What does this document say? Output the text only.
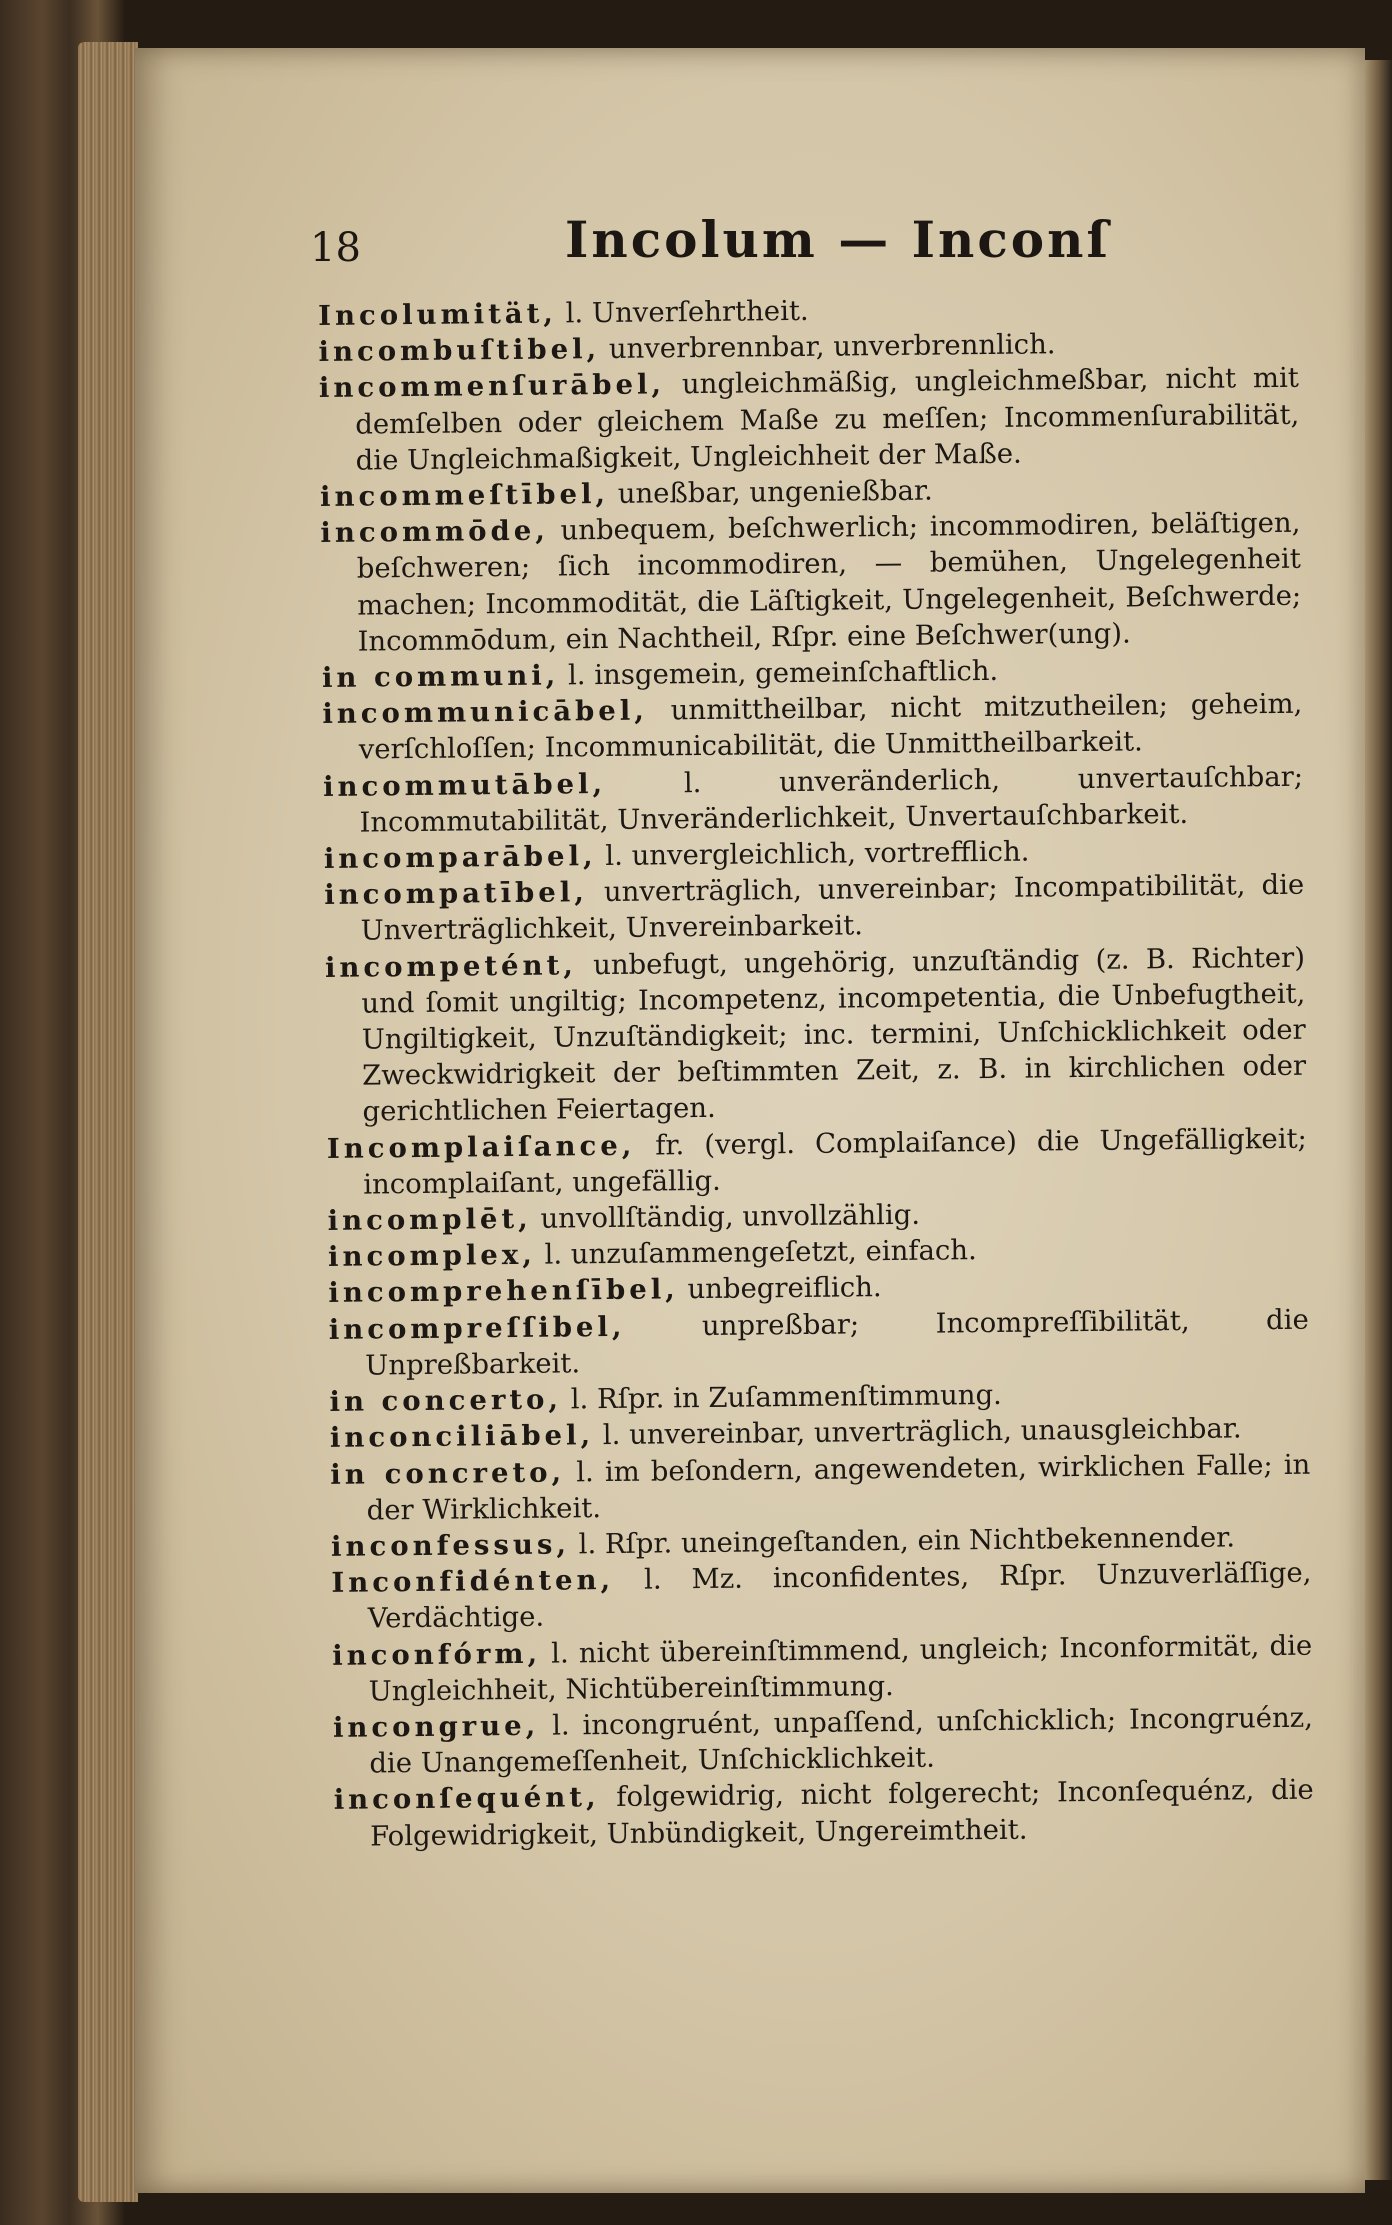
18	Incolum — Inconſ

Incolumität, l. Unverſehrtheit.

incombuſtibel, unverbrennbar, unverbrennlich.

incommenſurābel, ungleichmäßig, ungleichmeßbar, nicht mit demſelben oder gleichem Maße zu meſſen; Incommenſurabilität, die Ungleichmaßigkeit, Ungleichheit der Maße.

incommeſtībel, uneßbar, ungenießbar.

incommōde, unbequem, beſchwerlich; incommodiren, beläſtigen, beſchweren; ſich incommodiren, — bemühen, Ungelegenheit machen; Incommodität, die Läſtigkeit, Ungelegenheit, Beſchwerde; Incommōdum, ein Nachtheil, Rſpr. eine Beſchwer(ung).

in communi, l. insgemein, gemeinſchaftlich.

incommunicābel, unmittheilbar, nicht mitzutheilen; geheim, verſchloſſen; Incommunicabilität, die Unmittheilbarkeit.

incommutābel, l. unveränderlich, unvertauſchbar; Incommutabilität, Unveränderlichkeit, Unvertauſchbarkeit.

incomparābel, l. unvergleichlich, vortrefflich.

incompatībel, unverträglich, unvereinbar; Incompatibilität, die Unverträglichkeit, Unvereinbarkeit.

incompetént, unbefugt, ungehörig, unzuſtändig (z. B. Richter) und ſomit ungiltig; Incompetenz, incompetentia, die Unbefugtheit, Ungiltigkeit, Unzuſtändigkeit; inc. termini, Unſchicklichkeit oder Zweckwidrigkeit der beſtimmten Zeit, z. B. in kirchlichen oder gerichtlichen Feiertagen.

Incomplaiſance, fr. (vergl. Complaiſance) die Ungefälligkeit; incomplaiſant, ungefällig.

incomplēt, unvollſtändig, unvollzählig.

incomplex, l. unzuſammengeſetzt, einfach.

incomprehenſībel, unbegreiflich.

incompreſſibel, unpreßbar; Incompreſſibilität, die Unpreßbarkeit.

in concerto, l. Rſpr. in Zuſammenſtimmung.

inconciliābel, l. unvereinbar, unverträglich, unausgleichbar.

in concreto, l. im beſondern, angewendeten, wirklichen Falle; in der Wirklichkeit.

inconfessus, l. Rſpr. uneingeſtanden, ein Nichtbekennender.

Inconfidénten, l. Mz. inconfidentes, Rſpr. Unzuverläſſige, Verdächtige.

inconfórm, l. nicht übereinſtimmend, ungleich; Inconformität, die Ungleichheit, Nichtübereinſtimmung.

incongrue, l. incongruént, unpaſſend, unſchicklich; Incongruénz, die Unangemeſſenheit, Unſchicklichkeit.

inconſequént, folgewidrig, nicht folgerecht; Inconſequénz, die Folgewidrigkeit, Unbündigkeit, Ungereimtheit.
